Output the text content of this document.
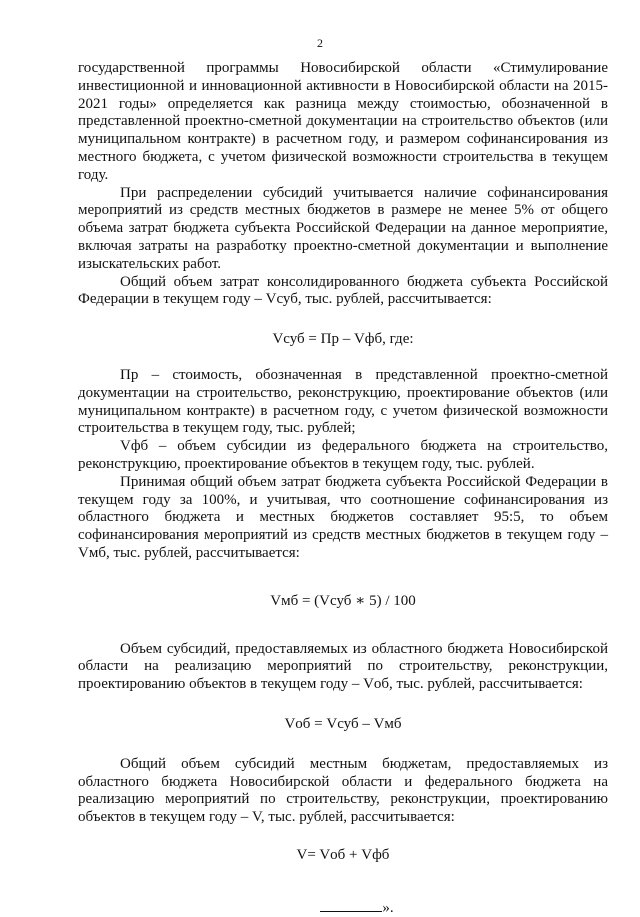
2

государственной программы Новосибирской области «Стимулирование инвестиционной и инновационной активности в Новосибирской области на 2015-2021 годы» определяется как разница между стоимостью, обозначенной в представленной проектно-сметной документации на строительство объектов (или муниципальном контракте) в расчетном году, и размером софинансирования из местного бюджета, с учетом физической возможности строительства в текущем году.

При распределении субсидий учитывается наличие софинансирования мероприятий из средств местных бюджетов в размере не менее 5% от общего объема затрат бюджета субъекта Российской Федерации на данное мероприятие, включая затраты на разработку проектно-сметной документации и выполнение изыскательских работ.

Общий объем затрат консолидированного бюджета субъекта Российской Федерации в текущем году – Vсуб, тыс. рублей, рассчитывается:

Vсуб = Пр – Vфб, где:

Пр – стоимость, обозначенная в представленной проектно-сметной документации на строительство, реконструкцию, проектирование объектов (или муниципальном контракте) в расчетном году, с учетом физической возможности строительства в текущем году, тыс. рублей;

Vфб – объем субсидии из федерального бюджета на строительство, реконструкцию, проектирование объектов в текущем году, тыс. рублей.

Принимая общий объем затрат бюджета субъекта Российской Федерации в текущем году за 100%, и учитывая, что соотношение софинансирования из областного бюджета и местных бюджетов составляет 95:5, то объем софинансирования мероприятий из средств местных бюджетов в текущем году – Vмб, тыс. рублей, рассчитывается:

Vмб = (Vсуб ∗ 5) / 100

Объем субсидий, предоставляемых из областного бюджета Новосибирской области на реализацию мероприятий по строительству, реконструкции, проектированию объектов в текущем году – Vоб, тыс. рублей, рассчитывается:

Vоб = Vсуб – Vмб

Общий объем субсидий местным бюджетам, предоставляемых из областного бюджета Новосибирской области и федерального бюджета на реализацию мероприятий по строительству, реконструкции, проектированию объектов в текущем году – V, тыс. рублей, рассчитывается:

V= Vоб + Vфб

».
